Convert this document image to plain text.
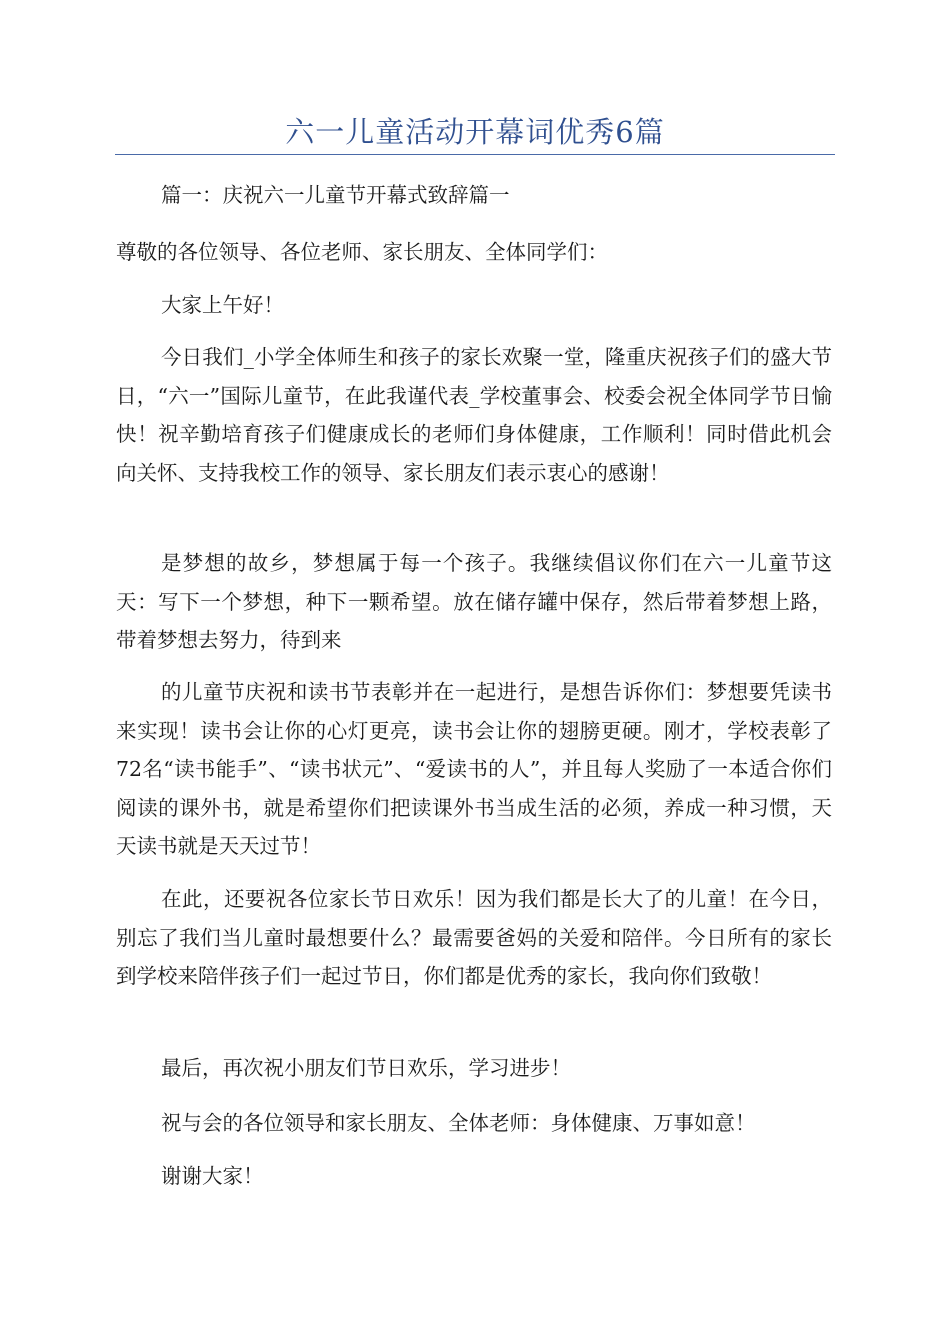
六一儿童活动开幕词优秀6篇

篇一：庆祝六一儿童节开幕式致辞篇一

尊敬的各位领导、各位老师、家长朋友、全体同学们：

大家上午好！

今日我们_小学全体师生和孩子的家长欢聚一堂，隆重庆祝孩子们的盛大节日，“六一”国际儿童节，在此我谨代表_学校董事会、校委会祝全体同学节日愉快！祝辛勤培育孩子们健康成长的老师们身体健康，工作顺利！同时借此机会向关怀、支持我校工作的领导、家长朋友们表示衷心的感谢！

是梦想的故乡，梦想属于每一个孩子。我继续倡议你们在六一儿童节这天：写下一个梦想，种下一颗希望。放在储存罐中保存，然后带着梦想上路，带着梦想去努力，待到来

的儿童节庆祝和读书节表彰并在一起进行，是想告诉你们：梦想要凭读书来实现！读书会让你的心灯更亮，读书会让你的翅膀更硬。刚才，学校表彰了72名“读书能手”、“读书状元”、“爱读书的人”，并且每人奖励了一本适合你们阅读的课外书，就是希望你们把读课外书当成生活的必须，养成一种习惯，天天读书就是天天过节！

在此，还要祝各位家长节日欢乐！因为我们都是长大了的儿童！在今日，别忘了我们当儿童时最想要什么？最需要爸妈的关爱和陪伴。今日所有的家长到学校来陪伴孩子们一起过节日，你们都是优秀的家长，我向你们致敬！

最后，再次祝小朋友们节日欢乐，学习进步！

祝与会的各位领导和家长朋友、全体老师：身体健康、万事如意！

谢谢大家！
